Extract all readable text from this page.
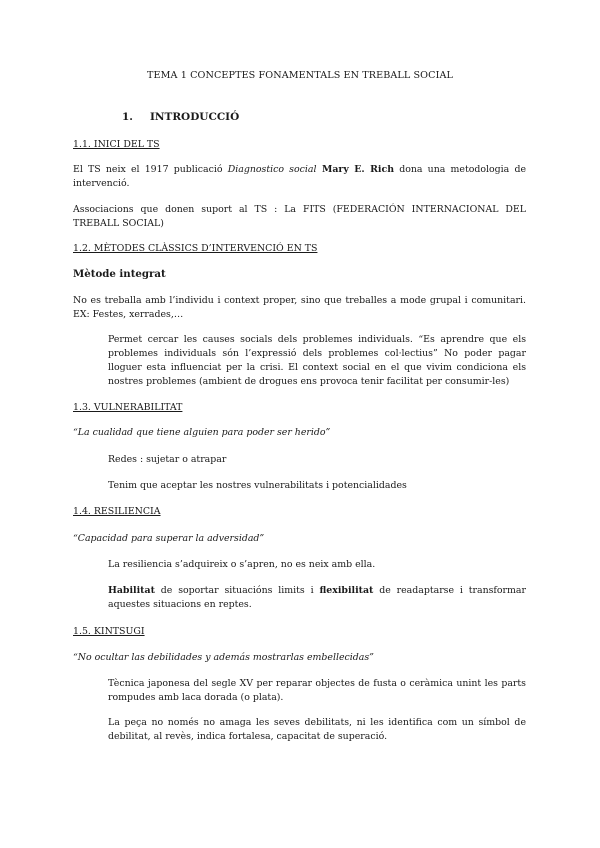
TEMA 1 CONCEPTES FONAMENTALS EN TREBALL SOCIAL
1. INTRODUCCIÓ
1.1. INICI DEL TS
El TS neix el 1917 publicació Diagnostico social Mary E. Rich dona una metodologia de intervenció.
Associacions que donen suport al TS : La FITS (FEDERACIÓN INTERNACIONAL DEL TREBALL SOCIAL)
1.2. MÈTODES CLÀSSICS D’INTERVENCIÓ EN TS
Mètode integrat
No es treballa amb l’individu i context proper, sino que treballes a mode grupal i comunitari. EX: Festes, xerrades,…
Permet cercar les causes socials dels problemes individuals. “Es aprendre que els problemes individuals són l’expressió dels problemes col·lectius” No poder pagar lloguer esta influenciat per la crisi. El context social en el que vivim condiciona els nostres problemes (ambient de drogues ens provoca tenir facilitat per consumir-les)
1.3. VULNERABILITAT
“La cualidad que tiene alguien para poder ser herido”
Redes : sujetar o atrapar
Tenim que aceptar les nostres vulnerabilitats i potencialidades
1.4. RESILIENCIA
“Capacidad para superar la adversidad”
La resiliencia s’adquireix o s’apren, no es neix amb ella.
Habilitat de soportar situacións limits i flexibilitat de readaptarse i transformar aquestes situacions en reptes.
1.5. KINTSUGI
“No ocultar las debilidades y además mostrarlas embellecidas”
Tècnica japonesa del segle XV per reparar objectes de fusta o ceràmica unint les parts rompudes amb laca dorada (o plata).
La peça no només no amaga les seves debilitats, ni les identifica com un símbol de debilitat, al revès, indica fortalesa, capacitat de superació.
